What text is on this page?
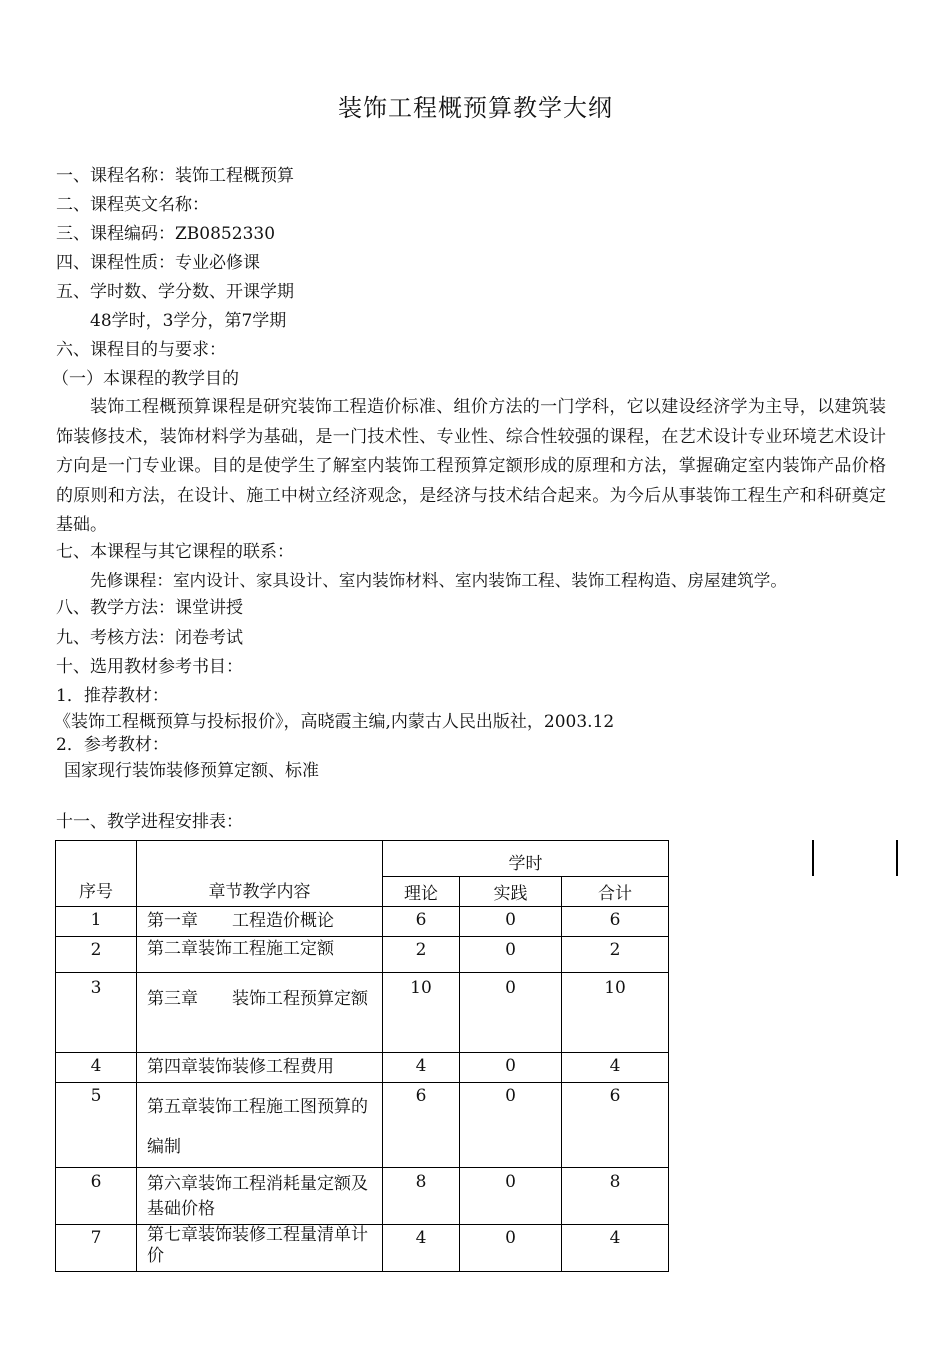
装饰工程概预算教学大纲
一、课程名称：装饰工程概预算
二、课程英文名称：
三、课程编码：ZB0852330
四、课程性质：专业必修课
五、学时数、学分数、开课学期
48学时，3学分，第7学期
六、课程目的与要求：
（一）本课程的教学目的
装饰工程概预算课程是研究装饰工程造价标准、组价方法的一门学科，它以建设经济学为主导，以建筑装饰装修技术，装饰材料学为基础，是一门技术性、专业性、综合性较强的课程，在艺术设计专业环境艺术设计方向是一门专业课。目的是使学生了解室内装饰工程预算定额形成的原理和方法，掌握确定室内装饰产品价格的原则和方法，在设计、施工中树立经济观念，是经济与技术结合起来。为今后从事装饰工程生产和科研奠定基础。
七、本课程与其它课程的联系：
先修课程：室内设计、家具设计、室内装饰材料、室内装饰工程、装饰工程构造、房屋建筑学。
八、教学方法：课堂讲授
九、考核方法：闭卷考试
十、选用教材参考书目：
1．推荐教材：
《装饰工程概预算与投标报价》，高晓霞主编,内蒙古人民出版社，2003.12
2．参考教材：
国家现行装饰装修预算定额、标准
十一、教学进程安排表：
序号	章节教学内容	学时		
		理论	实践	合计
1	第一章　　工程造价概论	6	0	6
2	第二章装饰工程施工定额	2	0	2
3	第三章　　装饰工程预算定额	10	0	10
4	第四章装饰装修工程费用	4	0	4
5	第五章装饰工程施工图预算的编制	6	0	6
6	第六章装饰工程消耗量定额及基础价格	8	0	8
7	第七章装饰装修工程量清单计价	4	0	4
